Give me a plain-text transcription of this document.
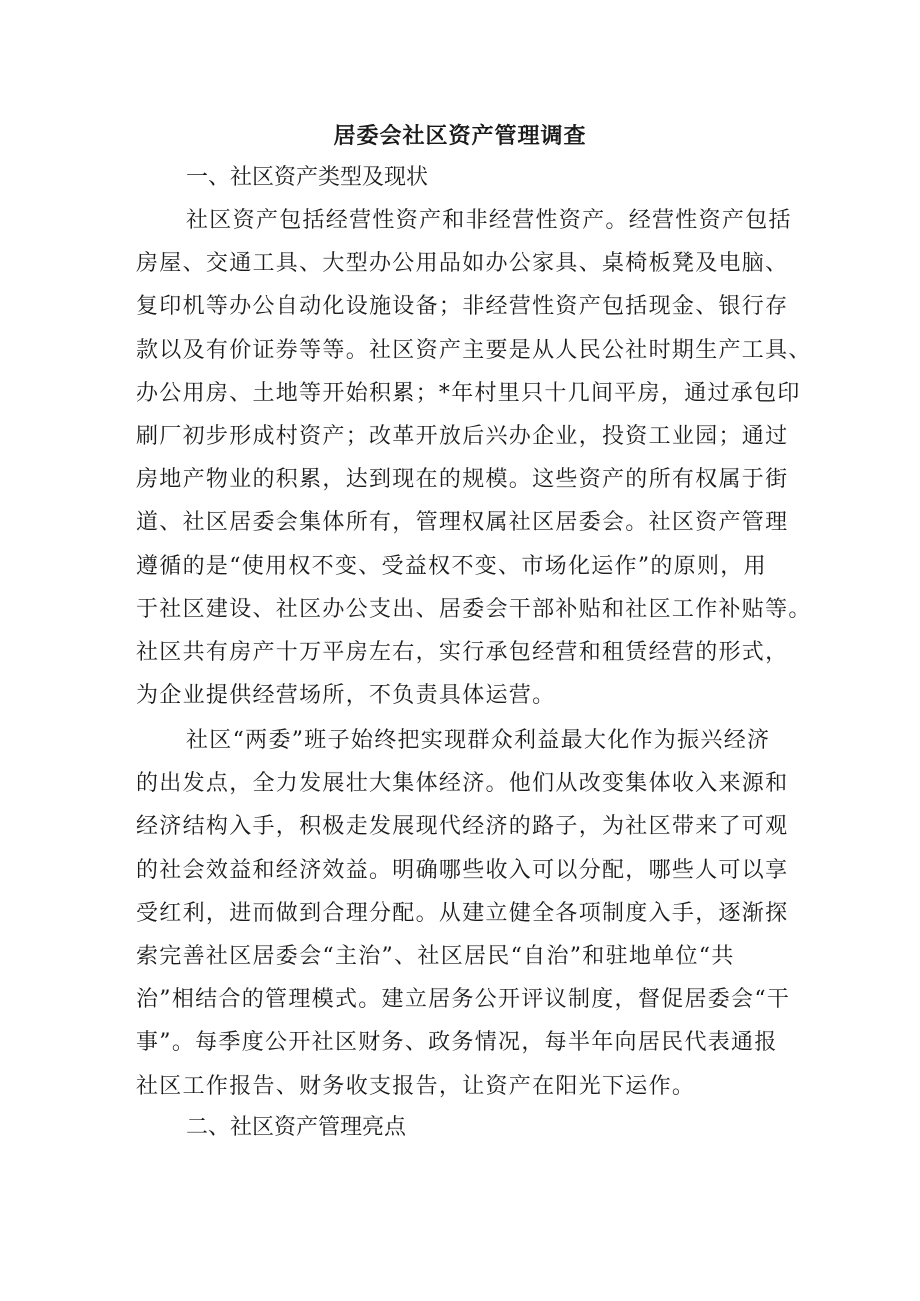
居委会社区资产管理调查
一、社区资产类型及现状
社区资产包括经营性资产和非经营性资产。经营性资产包括
房屋、交通工具、大型办公用品如办公家具、桌椅板凳及电脑、
复印机等办公自动化设施设备；非经营性资产包括现金、银行存
款以及有价证券等等。社区资产主要是从人民公社时期生产工具、
办公用房、土地等开始积累；*年村里只十几间平房，通过承包印
刷厂初步形成村资产；改革开放后兴办企业，投资工业园；通过
房地产物业的积累，达到现在的规模。这些资产的所有权属于街
道、社区居委会集体所有，管理权属社区居委会。社区资产管理
遵循的是“使用权不变、受益权不变、市场化运作”的原则，用
于社区建设、社区办公支出、居委会干部补贴和社区工作补贴等。
社区共有房产十万平房左右，实行承包经营和租赁经营的形式，
为企业提供经营场所，不负责具体运营。
社区“两委”班子始终把实现群众利益最大化作为振兴经济
的出发点，全力发展壮大集体经济。他们从改变集体收入来源和
经济结构入手，积极走发展现代经济的路子，为社区带来了可观
的社会效益和经济效益。明确哪些收入可以分配，哪些人可以享
受红利，进而做到合理分配。从建立健全各项制度入手，逐渐探
索完善社区居委会“主治”、社区居民“自治”和驻地单位“共
治”相结合的管理模式。建立居务公开评议制度，督促居委会“干
事”。每季度公开社区财务、政务情况，每半年向居民代表通报
社区工作报告、财务收支报告，让资产在阳光下运作。
二、社区资产管理亮点
